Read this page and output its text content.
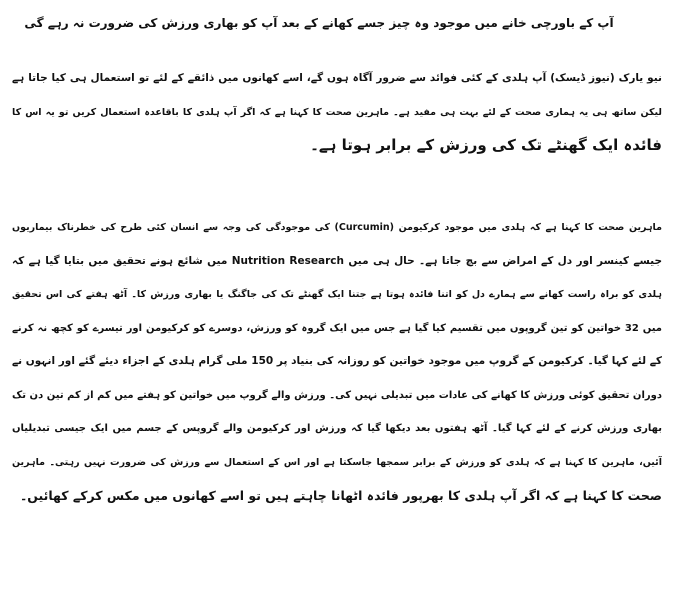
آپ کے باورچی خانے میں موجود وہ چیز جسے کھانے کے بعد آپ کو بھاری ورزش کی ضرورت نہ رہے گی
نیو یارک (نیوز ڈیسک) آپ ہلدی کے کئی فوائد سے ضرور آگاہ ہوں گے، اسے کھانوں میں ذائقے کے لئے تو استعمال ہی کیا جاتا ہے
لیکن ساتھ ہی یہ ہماری صحت کے لئے بہت ہی مفید ہے۔ ماہرین صحت کا کہنا ہے کہ اگر آپ ہلدی کا باقاعدہ استعمال کریں تو یہ اس کا
فائدہ ایک گھنٹے تک کی ورزش کے برابر ہوتا ہے۔
ماہرین صحت کا کہنا ہے کہ ہلدی میں موجود کرکیومن (Curcumin) کی موجودگی کی وجہ سے انسان کئی طرح کی خطرناک بیماریوں
جیسے کینسر اور دل کے امراض سے بچ جاتا ہے۔ حال ہی میں Nutrition Research میں شائع ہونے تحقیق میں بتایا گیا ہے کہ
ہلدی کو براہ راست کھانے سے ہمارے دل کو اتنا فائدہ ہوتا ہے جتنا ایک گھنٹے تک کی جاگنگ یا بھاری ورزش کا۔ آٹھ ہفتے کی اس تحقیق
میں 32 خواتین کو تین گروپوں میں تقسیم کیا گیا ہے جس میں ایک گروہ کو ورزش، دوسرے کو کرکیومن اور تیسرے کو کچھ نہ کرنے
کے لئے کہا گیا۔ کرکیومن کے گروپ میں موجود خواتین کو روزانہ کی بنیاد پر 150 ملی گرام ہلدی کے اجزاء دیئے گئے اور انہوں نے
دوران تحقیق کوئی ورزش کا کھانے کی عادات میں تبدیلی نہیں کی۔ ورزش والے گروپ میں خواتین کو ہفتے میں کم از کم تین دن تک
بھاری ورزش کرنے کے لئے کہا گیا۔ آٹھ ہفتوں بعد دیکھا گیا کہ ورزش اور کرکیومن والے گروپس کے جسم میں ایک جیسی تبدیلیاں
آئیں، ماہرین کا کہنا ہے کہ ہلدی کو ورزش کے برابر سمجھا جاسکتا ہے اور اس کے استعمال سے ورزش کی ضرورت نہیں رہتی۔ ماہرین
صحت کا کہنا ہے کہ اگر آپ ہلدی کا بھرپور فائدہ اٹھانا چاہتے ہیں تو اسے کھانوں میں مکس کرکے کھائیں۔
